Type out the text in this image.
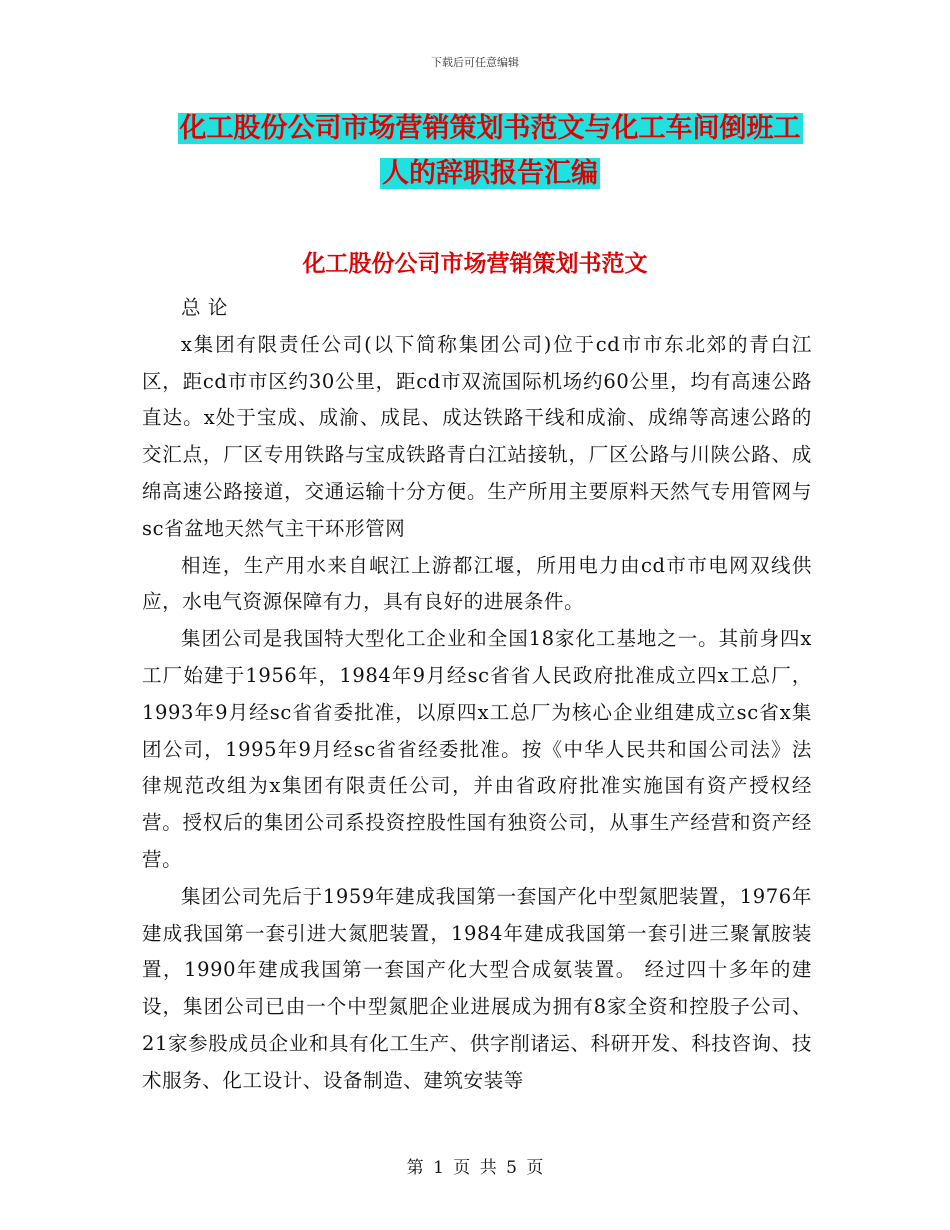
下载后可任意编辑
化工股份公司市场营销策划书范文与化工车间倒班工
人的辞职报告汇编
化工股份公司市场营销策划书范文

总 论

x集团有限责任公司(以下简称集团公司)位于cd市市东北郊的青白江区，距cd市市区约30公里，距cd市双流国际机场约60公里，均有高速公路直达。x处于宝成、成渝、成昆、成达铁路干线和成渝、成绵等高速公路的交汇点，厂区专用铁路与宝成铁路青白江站接轨，厂区公路与川陕公路、成绵高速公路接道，交通运输十分方便。生产所用主要原料天然气专用管网与sc省盆地天然气主干环形管网

相连，生产用水来自岷江上游都江堰，所用电力由cd市市电网双线供应，水电气资源保障有力，具有良好的进展条件。

集团公司是我国特大型化工企业和全国18家化工基地之一。其前身四x工厂始建于1956年，1984年9月经sc省省人民政府批准成立四x工总厂，1993年9月经sc省省委批准，以原四x工总厂为核心企业组建成立sc省x集团公司，1995年9月经sc省省经委批准。按《中华人民共和国公司法》法律规范改组为x集团有限责任公司，并由省政府批准实施国有资产授权经营。授权后的集团公司系投资控股性国有独资公司，从事生产经营和资产经营。

集团公司先后于1959年建成我国第一套国产化中型氮肥装置，1976年建成我国第一套引进大氮肥装置，1984年建成我国第一套引进三聚氰胺装置，1990年建成我国第一套国产化大型合成氨装置。 经过四十多年的建设，集团公司已由一个中型氮肥企业进展成为拥有8家全资和控股子公司、21家参股成员企业和具有化工生产、供字削诸运、科研开发、科技咨询、技术服务、化工设计、设备制造、建筑安装等

第 1 页 共 5 页
